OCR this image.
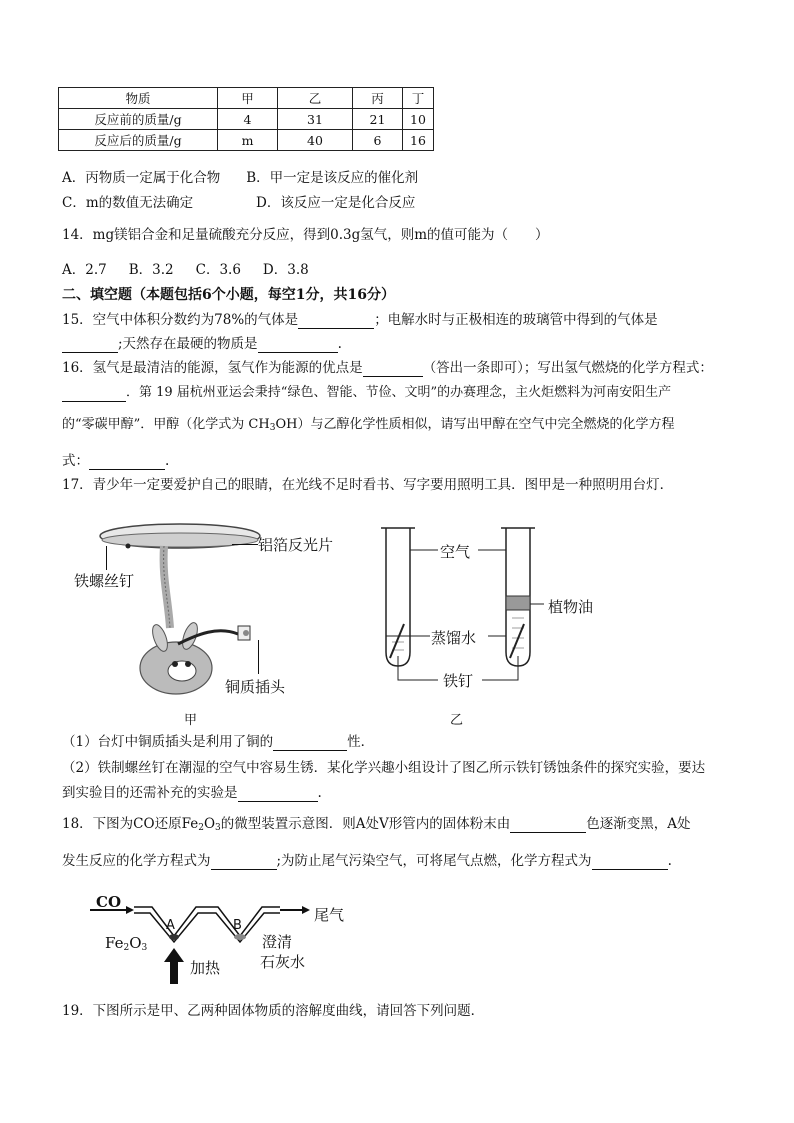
物质	甲	乙	丙	丁
反应前的质量/g	4	31	21	10
反应后的质量/g	m	40	6	16
A．丙物质一定属于化合物 B．甲一定是该反应的催化剂
C．m的数值无法确定	D．该反应一定是化合反应
14．mg镁铝合金和足量硫酸充分反应，得到0.3g氢气，则m的值可能为（　　）
A．2.7 B．3.2 C．3.6 D．3.8
二、填空题（本题包括6个小题，每空1分，共16分）
15．空气中体积分数约为78%的气体是	；电解水时与正极相连的玻璃管中得到的气体是
;天然存在最硬的物质是	.
16．氢气是最清洁的能源，氢气作为能源的优点是	（答出一条即可）；写出氢气燃烧的化学方程式：
．第 19 届杭州亚运会秉持“绿色、智能、节俭、文明”的办赛理念，主火炬燃料为河南安阳生产
的“零碳甲醇”．甲醇（化学式为 $CH_3OH$）与乙醇化学性质相似，请写出甲醇在空气中完全燃烧的化学方程
式：	.
17．青少年一定要爱护自己的眼睛，在光线不足时看书、写字要用照明工具．图甲是一种照明用台灯．
铝箔反光片
铁螺丝钉
铜质插头
甲
空气
植物油
蒸馏水
铁钉
乙
（1）台灯中铜质插头是利用了铜的	性．
（2）铁制螺丝钉在潮湿的空气中容易生锈．某化学兴趣小组设计了图乙所示铁钉锈蚀条件的探究实验，要达
到实验目的还需补充的实验是	.
18．下图为CO还原$Fe_2O_3$的微型装置示意图．则A处V形管内的固体粉末由	色逐渐变黑，A处
发生反应的化学方程式为	;为防止尾气污染空气，可将尾气点燃，化学方程式为	.
CO
A	B
尾气
$Fe_2O_3$	澄清
石灰水
加热
19．下图所示是甲、乙两种固体物质的溶解度曲线，请回答下列问题．
